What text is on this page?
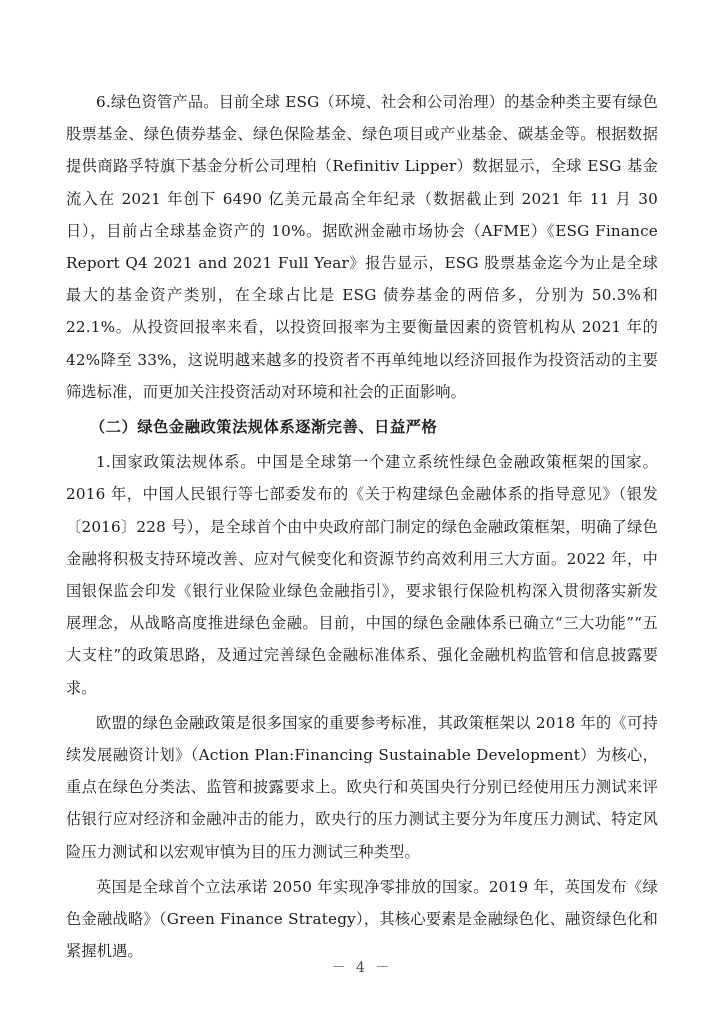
6.绿色资管产品。目前全球 ESG（环境、社会和公司治理）的基金种类主要有绿色股票基金、绿色债券基金、绿色保险基金、绿色项目或产业基金、碳基金等。根据数据提供商路孚特旗下基金分析公司理柏（Refinitiv Lipper）数据显示，全球 ESG 基金流入在 2021 年创下 6490 亿美元最高全年纪录（数据截止到 2021 年 11 月 30 日），目前占全球基金资产的 10%。据欧洲金融市场协会（AFME）《ESG Finance Report Q4 2021 and 2021 Full Year》报告显示，ESG 股票基金迄今为止是全球最大的基金资产类别，在全球占比是 ESG 债券基金的两倍多，分别为 50.3%和 22.1%。从投资回报率来看，以投资回报率为主要衡量因素的资管机构从 2021 年的 42%降至 33%，这说明越来越多的投资者不再单纯地以经济回报作为投资活动的主要筛选标准，而更加关注投资活动对环境和社会的正面影响。

（二）绿色金融政策法规体系逐渐完善、日益严格

1.国家政策法规体系。中国是全球第一个建立系统性绿色金融政策框架的国家。2016 年，中国人民银行等七部委发布的《关于构建绿色金融体系的指导意见》（银发〔2016〕228 号），是全球首个由中央政府部门制定的绿色金融政策框架，明确了绿色金融将积极支持环境改善、应对气候变化和资源节约高效利用三大方面。2022 年，中国银保监会印发《银行业保险业绿色金融指引》，要求银行保险机构深入贯彻落实新发展理念，从战略高度推进绿色金融。目前，中国的绿色金融体系已确立“三大功能”“五大支柱”的政策思路，及通过完善绿色金融标准体系、强化金融机构监管和信息披露要求。

欧盟的绿色金融政策是很多国家的重要参考标准，其政策框架以 2018 年的《可持续发展融资计划》（Action Plan:Financing Sustainable Development）为核心，重点在绿色分类法、监管和披露要求上。欧央行和英国央行分别已经使用压力测试来评估银行应对经济和金融冲击的能力，欧央行的压力测试主要分为年度压力测试、特定风险压力测试和以宏观审慎为目的压力测试三种类型。

英国是全球首个立法承诺 2050 年实现净零排放的国家。2019 年，英国发布《绿色金融战略》（Green Finance Strategy），其核心要素是金融绿色化、融资绿色化和紧握机遇。

－ 4 －
